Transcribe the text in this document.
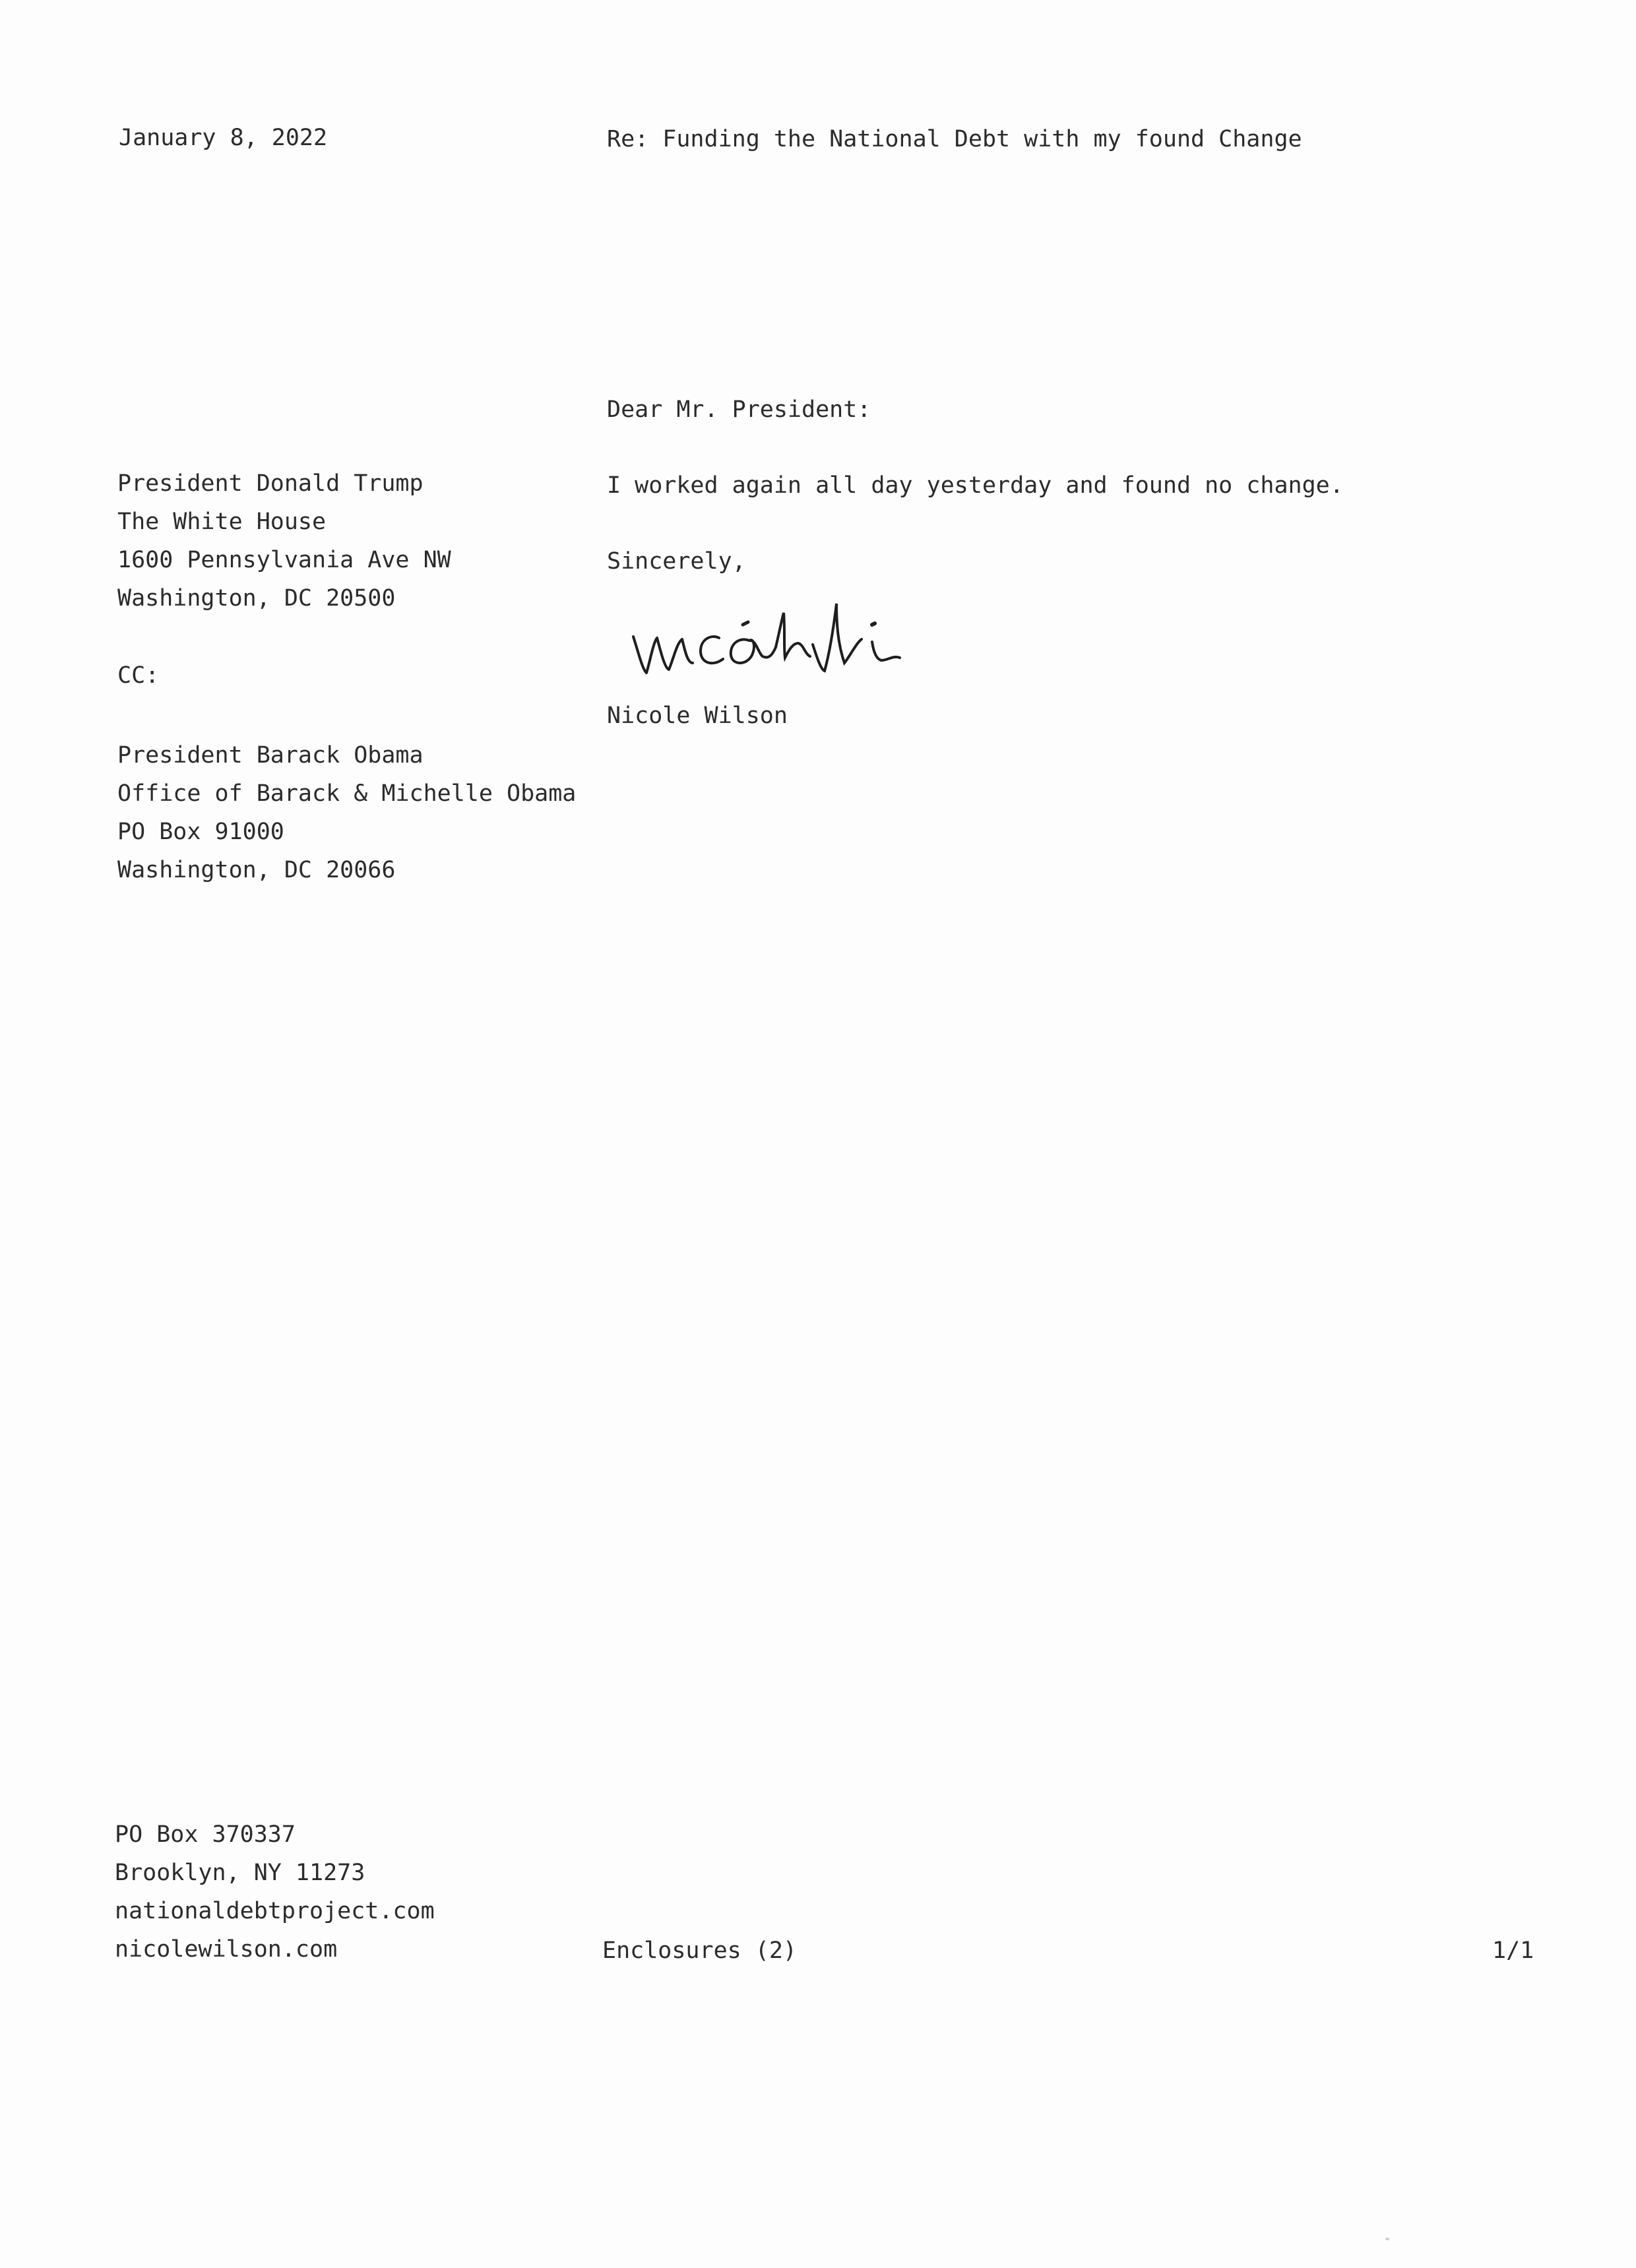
January 8, 2022	Re: Funding the National Debt with my found Change
Dear Mr. President:
I worked again all day yesterday and found no change.
Sincerely,
Nicole Wilson
President Donald Trump
The White House
1600 Pennsylvania Ave NW
Washington, DC 20500
CC:
President Barack Obama
Office of Barack & Michelle Obama
PO Box 91000
Washington, DC 20066
PO Box 370337
Brooklyn, NY 11273
nationaldebtproject.com
nicolewilson.com	Enclosures (2)	1/1
